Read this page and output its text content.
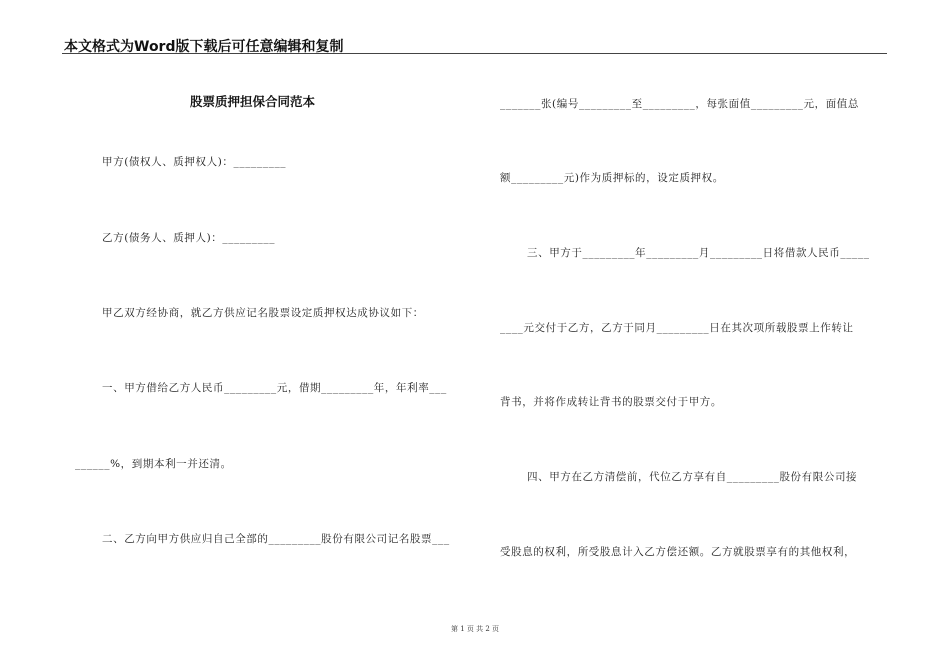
本文格式为Word版下载后可任意编辑和复制
股票质押担保合同范本
甲方(债权人、质押权人)：_________
乙方(债务人、质押人)：_________
甲乙双方经协商，就乙方供应记名股票设定质押权达成协议如下：
一、甲方借给乙方人民币_________元，借期_________年，年利率___
______%，到期本利一并还清。
二、乙方向甲方供应归自己全部的_________股份有限公司记名股票___
_______张(编号_________至_________，每张面值_________元，面值总
额_________元)作为质押标的，设定质押权。
三、甲方于_________年_________月_________日将借款人民币_____
____元交付于乙方，乙方于同月_________日在其次项所载股票上作转让
背书，并将作成转让背书的股票交付于甲方。
四、甲方在乙方清偿前，代位乙方享有自_________股份有限公司接
受股息的权利，所受股息计入乙方偿还额。乙方就股票享有的其他权利，
第 1 页 共 2 页
